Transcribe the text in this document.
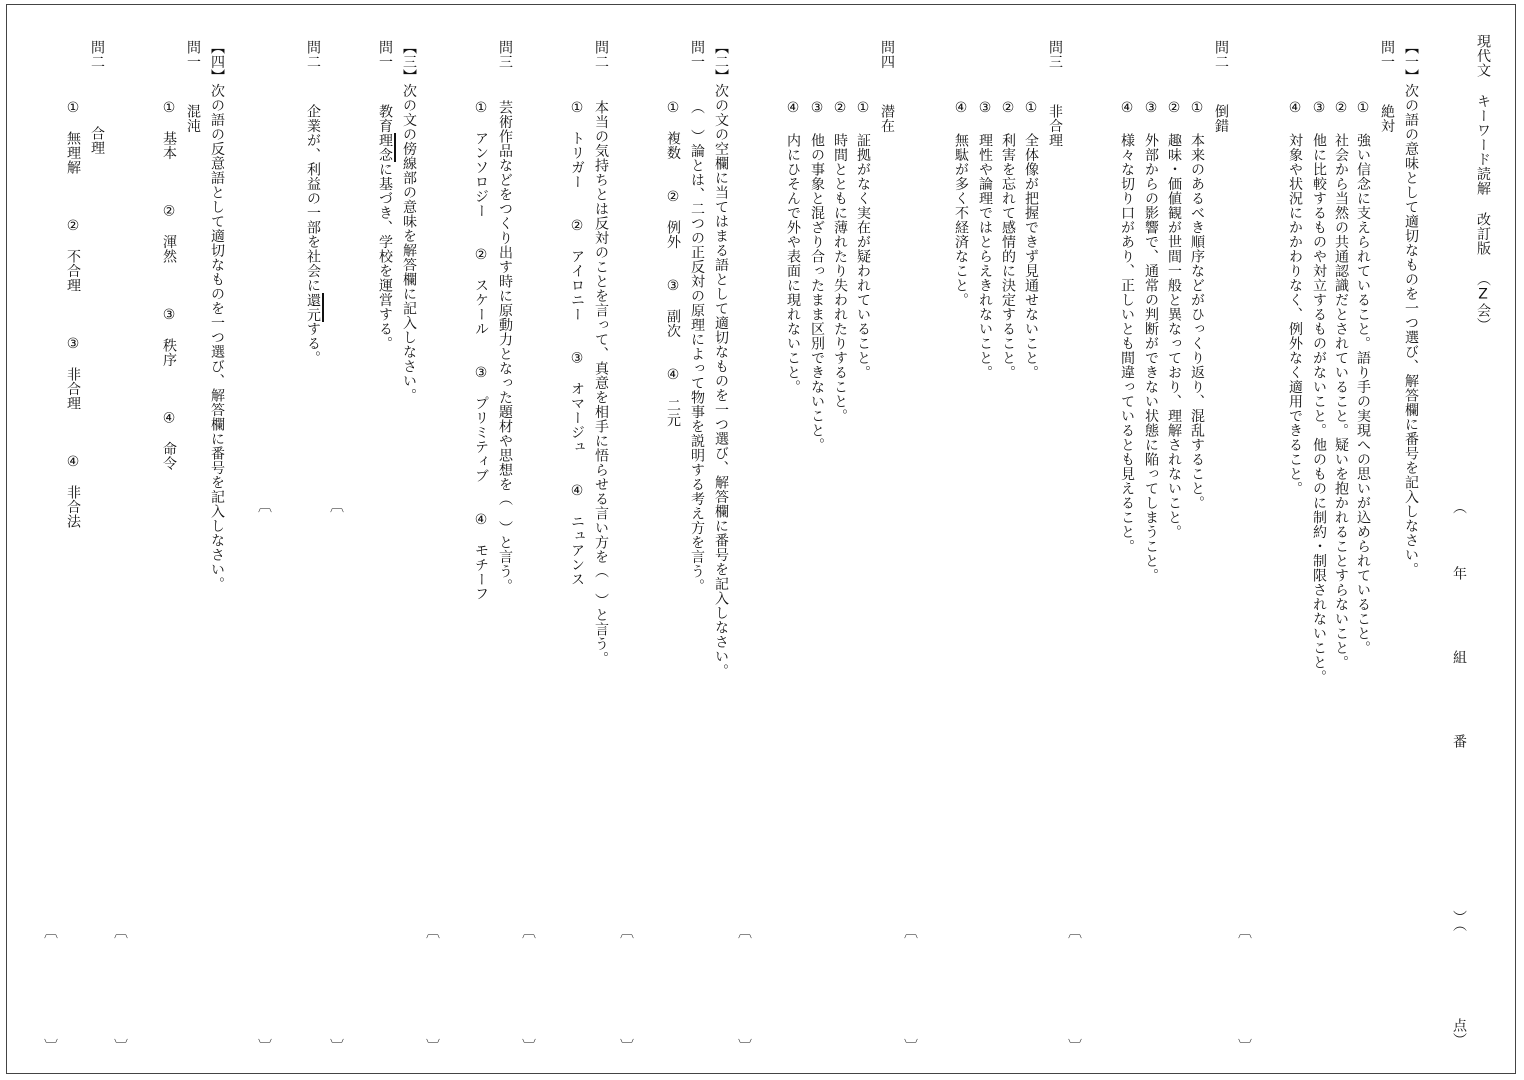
現代文 キーワード読解 改訂版 （Z会）
（
年
組
番
）（
点）
【一】次の語の意味として適切なものを一つ選び、解答欄に番号を記入しなさい。
問一
絶対
① 強い信念に支えられていること。語り手の実現への思いが込められていること。
② 社会から当然の共通認識だとされていること。疑いを抱かれることすらないこと。
③ 他に比較するものや対立するものがないこと。他のものに制約・制限されないこと。
④ 対象や状況にかかわりなく、例外なく適用できること。
︹
︺
問二
倒錯
① 本来のあるべき順序などがひっくり返り、混乱すること。
② 趣味・価値観が世間一般と異なっており、理解されないこと。
③ 外部からの影響で、通常の判断ができない状態に陥ってしまうこと。
④ 様々な切り口があり、正しいとも間違っているとも見えること。
︹
︺
問三
非合理
① 全体像が把握できず見通せないこと。
② 利害を忘れて感情的に決定すること。
③ 理性や論理ではとらえきれないこと。
④ 無駄が多く不経済なこと。
︹
︺
問四
潜在
① 証拠がなく実在が疑われていること。
② 時間とともに薄れたり失われたりすること。
③ 他の事象と混ざり合ったまま区別できないこと。
④ 内にひそんで外や表面に現れないこと。
︹
︺
【二】次の文の空欄に当てはまる語として適切なものを一つ選び、解答欄に番号を記入しなさい。
問一
（　）論とは、二つの正反対の原理によって物事を説明する考え方を言う。
①　複数　　②　例外　　③　副次　　④　二元
︹
︺
問二
本当の気持ちとは反対のことを言って、真意を相手に悟らせる言い方を（　）と言う。
①　トリガー　　②　アイロニー　　③　オマージュ　　④　ニュアンス
︹
︺
問三
芸術作品などをつくり出す時に原動力となった題材や思想を（　）と言う。
①　アンソロジー　　②　スケール　　③　プリミティブ　　④　モチーフ
︹
︺
【三】次の文の傍線部の意味を解答欄に記入しなさい。
問一
教育理念に基づき、学校を運営する。
︹
︺
問二
企業が、利益の一部を社会に還元する。
︹
︺
【四】次の語の反意語として適切なものを一つ選び、解答欄に番号を記入しなさい。
問一
混沌
①　基本　　　②　渾然　　　③　秩序　　　④　命令
︹
︺
問二
合理
①　無理解　　　②　不合理　　　③　非合理　　　④　非合法
︹
︺
